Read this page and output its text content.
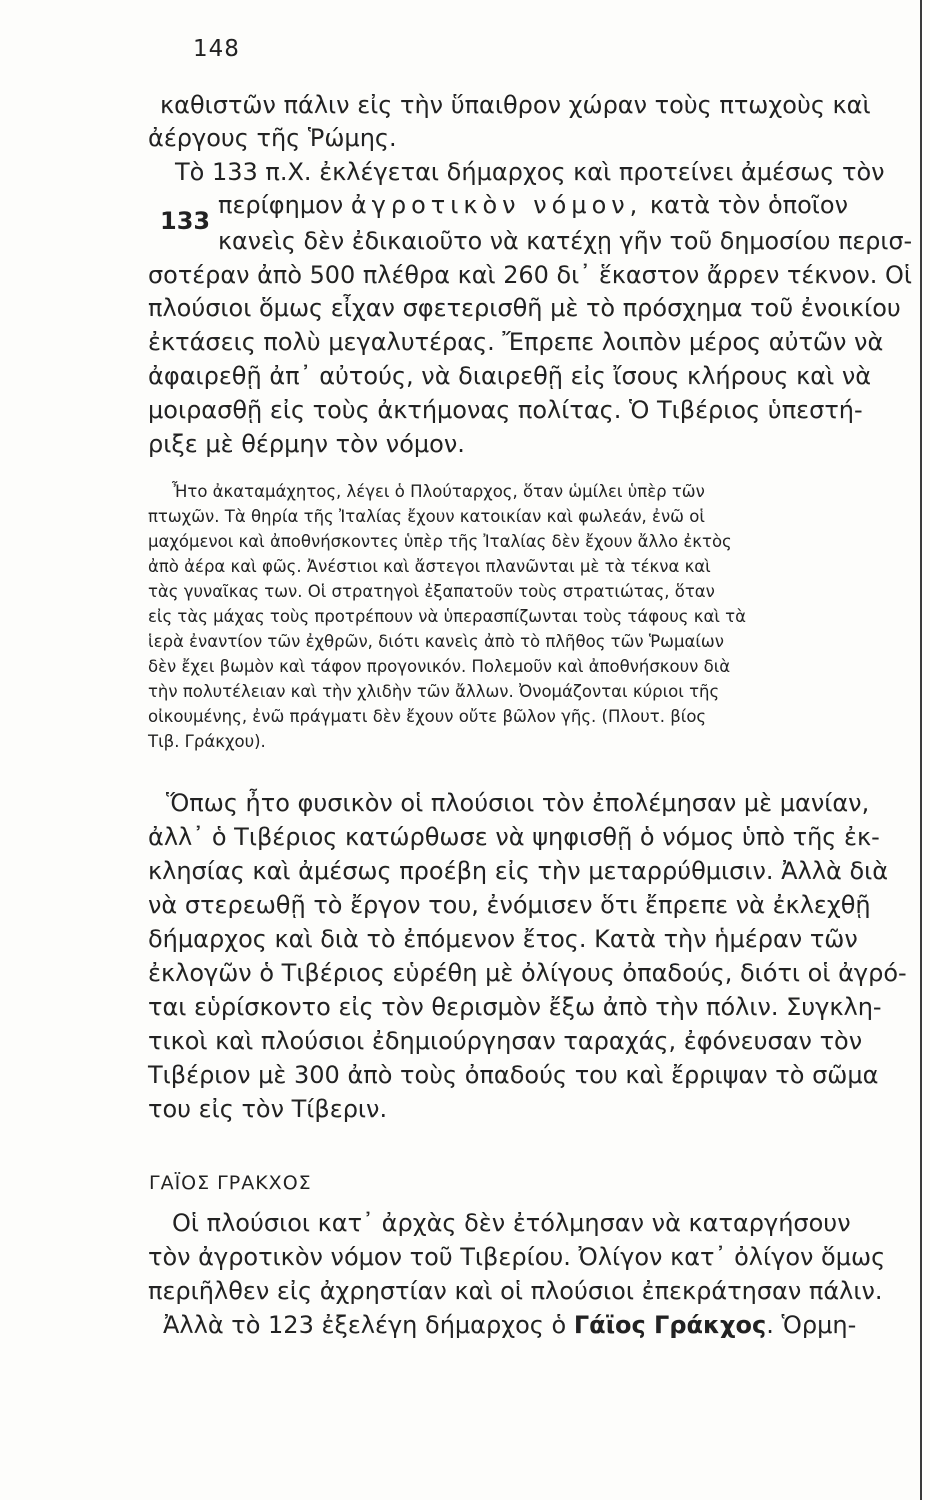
148
133
καθιστῶν πάλιν εἰς τὴν ὕπαιθρον χώραν τοὺς πτωχοὺς καὶ
ἀέργους τῆς Ῥώμης.
Τὸ 133 π.Χ. ἐκλέγεται δήμαρχος καὶ προτείνει ἀμέσως τὸν
περίφημον ἀγροτικὸν νόμον, κατὰ τὸν ὁποῖον
κανεὶς δὲν ἐδικαιοῦτο νὰ κατέχῃ γῆν τοῦ δημοσίου περισ-
σοτέραν ἀπὸ 500 πλέθρα καὶ 260 δι᾽ ἕκαστον ἄρρεν τέκνον. Οἱ
πλούσιοι ὅμως εἶχαν σφετερισθῆ μὲ τὸ πρόσχημα τοῦ ἐνοικίου
ἐκτάσεις πολὺ μεγαλυτέρας. Ἔπρεπε λοιπὸν μέρος αὐτῶν νὰ
ἀφαιρεθῇ ἀπ᾽ αὐτούς, νὰ διαιρεθῇ εἰς ἴσους κλήρους καὶ νὰ
μοιρασθῇ εἰς τοὺς ἀκτήμονας πολίτας. Ὁ Τιβέριος ὑπεστή-
ριξε μὲ θέρμην τὸν νόμον.
Ἦτο ἀκαταμάχητος, λέγει ὁ Πλούταρχος, ὅταν ὡμίλει ὑπὲρ τῶν
πτωχῶν. Τὰ θηρία τῆς Ἰταλίας ἔχουν κατοικίαν καὶ φωλεάν, ἐνῶ οἱ
μαχόμενοι καὶ ἀποθνήσκοντες ὑπὲρ τῆς Ἰταλίας δὲν ἔχουν ἄλλο ἐκτὸς
ἀπὸ ἀέρα καὶ φῶς. Ἀνέστιοι καὶ ἄστεγοι πλανῶνται μὲ τὰ τέκνα καὶ
τὰς γυναῖκας των. Οἱ στρατηγοὶ ἐξαπατοῦν τοὺς στρατιώτας, ὅταν
εἰς τὰς μάχας τοὺς προτρέπουν νὰ ὑπερασπίζωνται τοὺς τάφους καὶ τὰ
ἱερὰ ἐναντίον τῶν ἐχθρῶν, διότι κανεὶς ἀπὸ τὸ πλῆθος τῶν Ῥωμαίων
δὲν ἔχει βωμὸν καὶ τάφον προγονικόν. Πολεμοῦν καὶ ἀποθνήσκουν διὰ
τὴν πολυτέλειαν καὶ τὴν χλιδὴν τῶν ἄλλων. Ὀνομάζονται κύριοι τῆς
οἰκουμένης, ἐνῶ πράγματι δὲν ἔχουν οὔτε βῶλον γῆς. (Πλουτ. βίος
Τιβ. Γράκχου).
Ὅπως ἦτο φυσικὸν οἱ πλούσιοι τὸν ἐπολέμησαν μὲ μανίαν,
ἀλλ᾽ ὁ Τιβέριος κατώρθωσε νὰ ψηφισθῇ ὁ νόμος ὑπὸ τῆς ἐκ-
κλησίας καὶ ἀμέσως προέβη εἰς τὴν μεταρρύθμισιν. Ἀλλὰ διὰ
νὰ στερεωθῇ τὸ ἔργον του, ἐνόμισεν ὅτι ἔπρεπε νὰ ἐκλεχθῇ
δήμαρχος καὶ διὰ τὸ ἐπόμενον ἔτος. Κατὰ τὴν ἡμέραν τῶν
ἐκλογῶν ὁ Τιβέριος εὑρέθη μὲ ὀλίγους ὀπαδούς, διότι οἱ ἀγρό-
ται εὑρίσκοντο εἰς τὸν θερισμὸν ἔξω ἀπὸ τὴν πόλιν. Συγκλη-
τικοὶ καὶ πλούσιοι ἐδημιούργησαν ταραχάς, ἐφόνευσαν τὸν
Τιβέριον μὲ 300 ἀπὸ τοὺς ὀπαδούς του καὶ ἔρριψαν τὸ σῶμα
του εἰς τὸν Τίβεριν.
ΓΑΪΟΣ ΓΡΑΚΧΟΣ
Οἱ πλούσιοι κατ᾽ ἀρχὰς δὲν ἐτόλμησαν νὰ καταργήσουν
τὸν ἀγροτικὸν νόμον τοῦ Τιβερίου. Ὀλίγον κατ᾽ ὀλίγον ὅμως
περιῆλθεν εἰς ἀχρηστίαν καὶ οἱ πλούσιοι ἐπεκράτησαν πάλιν.
Ἀλλὰ τὸ 123 ἐξελέγη δήμαρχος ὁ Γάϊος Γράκχος. Ὁρμη-
